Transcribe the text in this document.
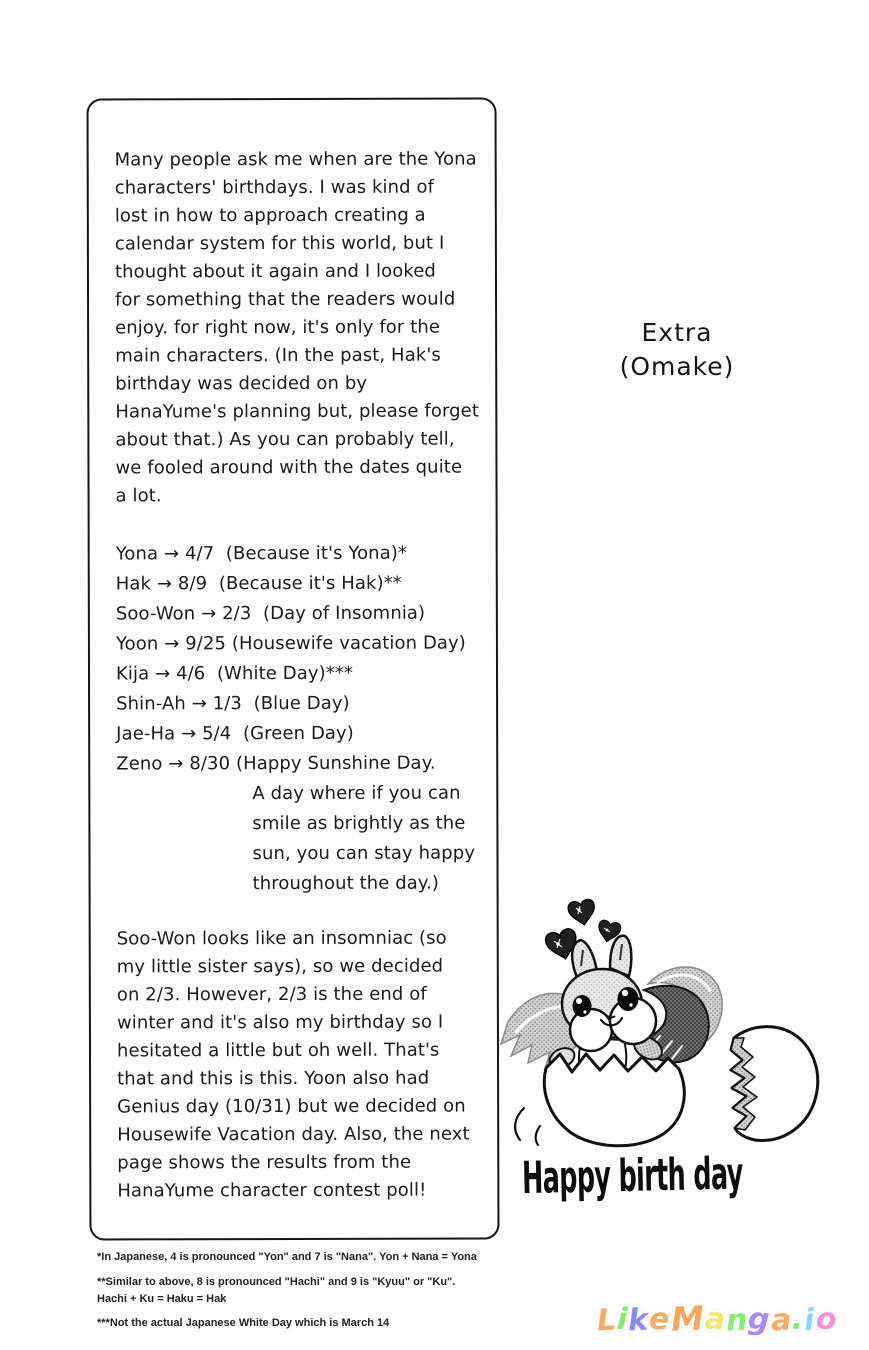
Many people ask me when are the Yona
characters' birthdays. I was kind of
lost in how to approach creating a
calendar system for this world, but I
thought about it again and I looked
for something that the readers would
enjoy. for right now, it's only for the
main characters. (In the past, Hak's
birthday was decided on by
HanaYume's planning but, please forget
about that.) As you can probably tell,
we fooled around with the dates quite
a lot.
Yona → 4/7  (Because it's Yona)*
Hak → 8/9  (Because it's Hak)**
Soo-Won → 2/3  (Day of Insomnia)
Yoon → 9/25 (Housewife vacation Day)
Kija → 4/6  (White Day)***
Shin-Ah → 1/3  (Blue Day)
Jae-Ha → 5/4  (Green Day)
Zeno → 8/30 (Happy Sunshine Day.
A day where if you can
smile as brightly as the
sun, you can stay happy
throughout the day.)
Soo-Won looks like an insomniac (so
my little sister says), so we decided
on 2/3. However, 2/3 is the end of
winter and it's also my birthday so I
hesitated a little but oh well. That's
that and this is this. Yoon also had
Genius day (10/31) but we decided on
Housewife Vacation day. Also, the next
page shows the results from the
HanaYume character contest poll!
Extra
(Omake)
Happy birth day
*In Japanese, 4 is pronounced "Yon" and 7 is "Nana". Yon + Nana = Yona
**Similar to above, 8 is pronounced "Hachi" and 9 is "Kyuu" or "Ku".
Hachi + Ku = Haku = Hak
***Not the actual Japanese White Day which is March 14	LikeManga.io
